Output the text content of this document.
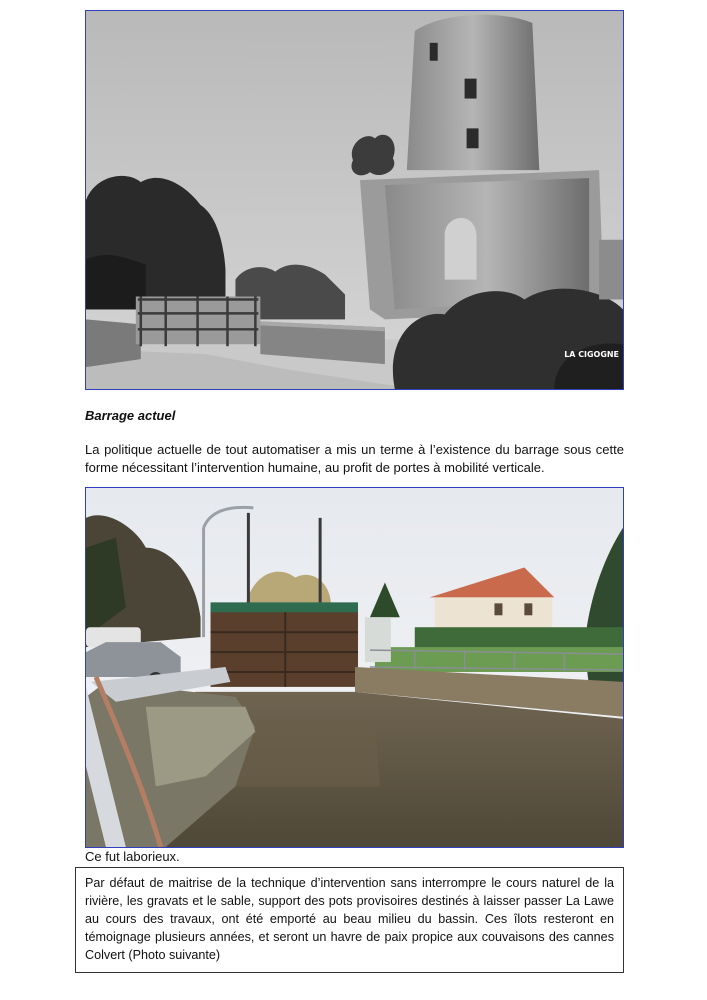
LA CIGOGNE
Barrage actuel
La politique actuelle de tout automatiser a mis un terme à l’existence du barrage sous cette forme nécessitant l’intervention humaine, au profit de portes à mobilité verticale.
Ce fut laborieux.
Par défaut de maitrise de la technique d’intervention sans interrompre le cours naturel de la rivière, les gravats et le sable, support des pots provisoires destinés à laisser passer La Lawe au cours des travaux, ont été emporté au beau milieu du bassin. Ces îlots resteront en témoignage plusieurs années, et seront un havre de paix propice aux couvaisons des cannes Colvert (Photo suivante)
